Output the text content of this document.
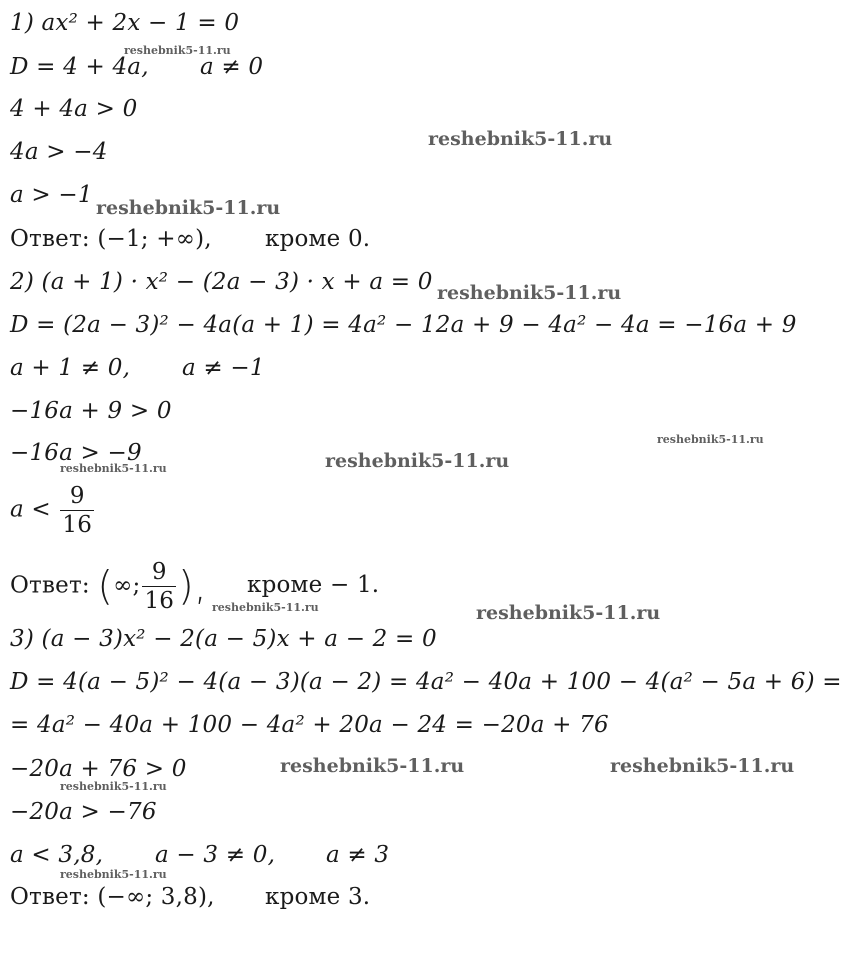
1) ax² + 2x − 1 = 0
D = 4 + 4a, a ≠ 0
4 + 4a > 0
4a > −4
a > −1
Ответ: (−1; +∞), кроме 0.
2) (a + 1) · x² − (2a − 3) · x + a = 0
D = (2a − 3)² − 4a(a + 1) = 4a² − 12a + 9 − 4a² − 4a = −16a + 9
a + 1 ≠ 0, a ≠ −1
−16a + 9 > 0
−16a > −9
$a < \frac{9}{16}$
Ответ: (∞; $\frac{9}{16}$ ), кроме − 1.
3) (a − 3)x² − 2(a − 5)x + a − 2 = 0
D = 4(a − 5)² − 4(a − 3)(a − 2) = 4a² − 40a + 100 − 4(a² − 5a + 6) =
= 4a² − 40a + 100 − 4a² + 20a − 24 = −20a + 76
−20a + 76 > 0
−20a > −76
a < 3,8, a − 3 ≠ 0, a ≠ 3
Ответ: (−∞; 3,8), кроме 3.
reshebnik5-11.ru
reshebnik5-11.ru
reshebnik5-11.ru
reshebnik5-11.ru
reshebnik5-11.ru
reshebnik5-11.ru
reshebnik5-11.ru
reshebnik5-11.ru	reshebnik5-11.ru
reshebnik5-11.ru	reshebnik5-11.ru
reshebnik5-11.ru
reshebnik5-11.ru
